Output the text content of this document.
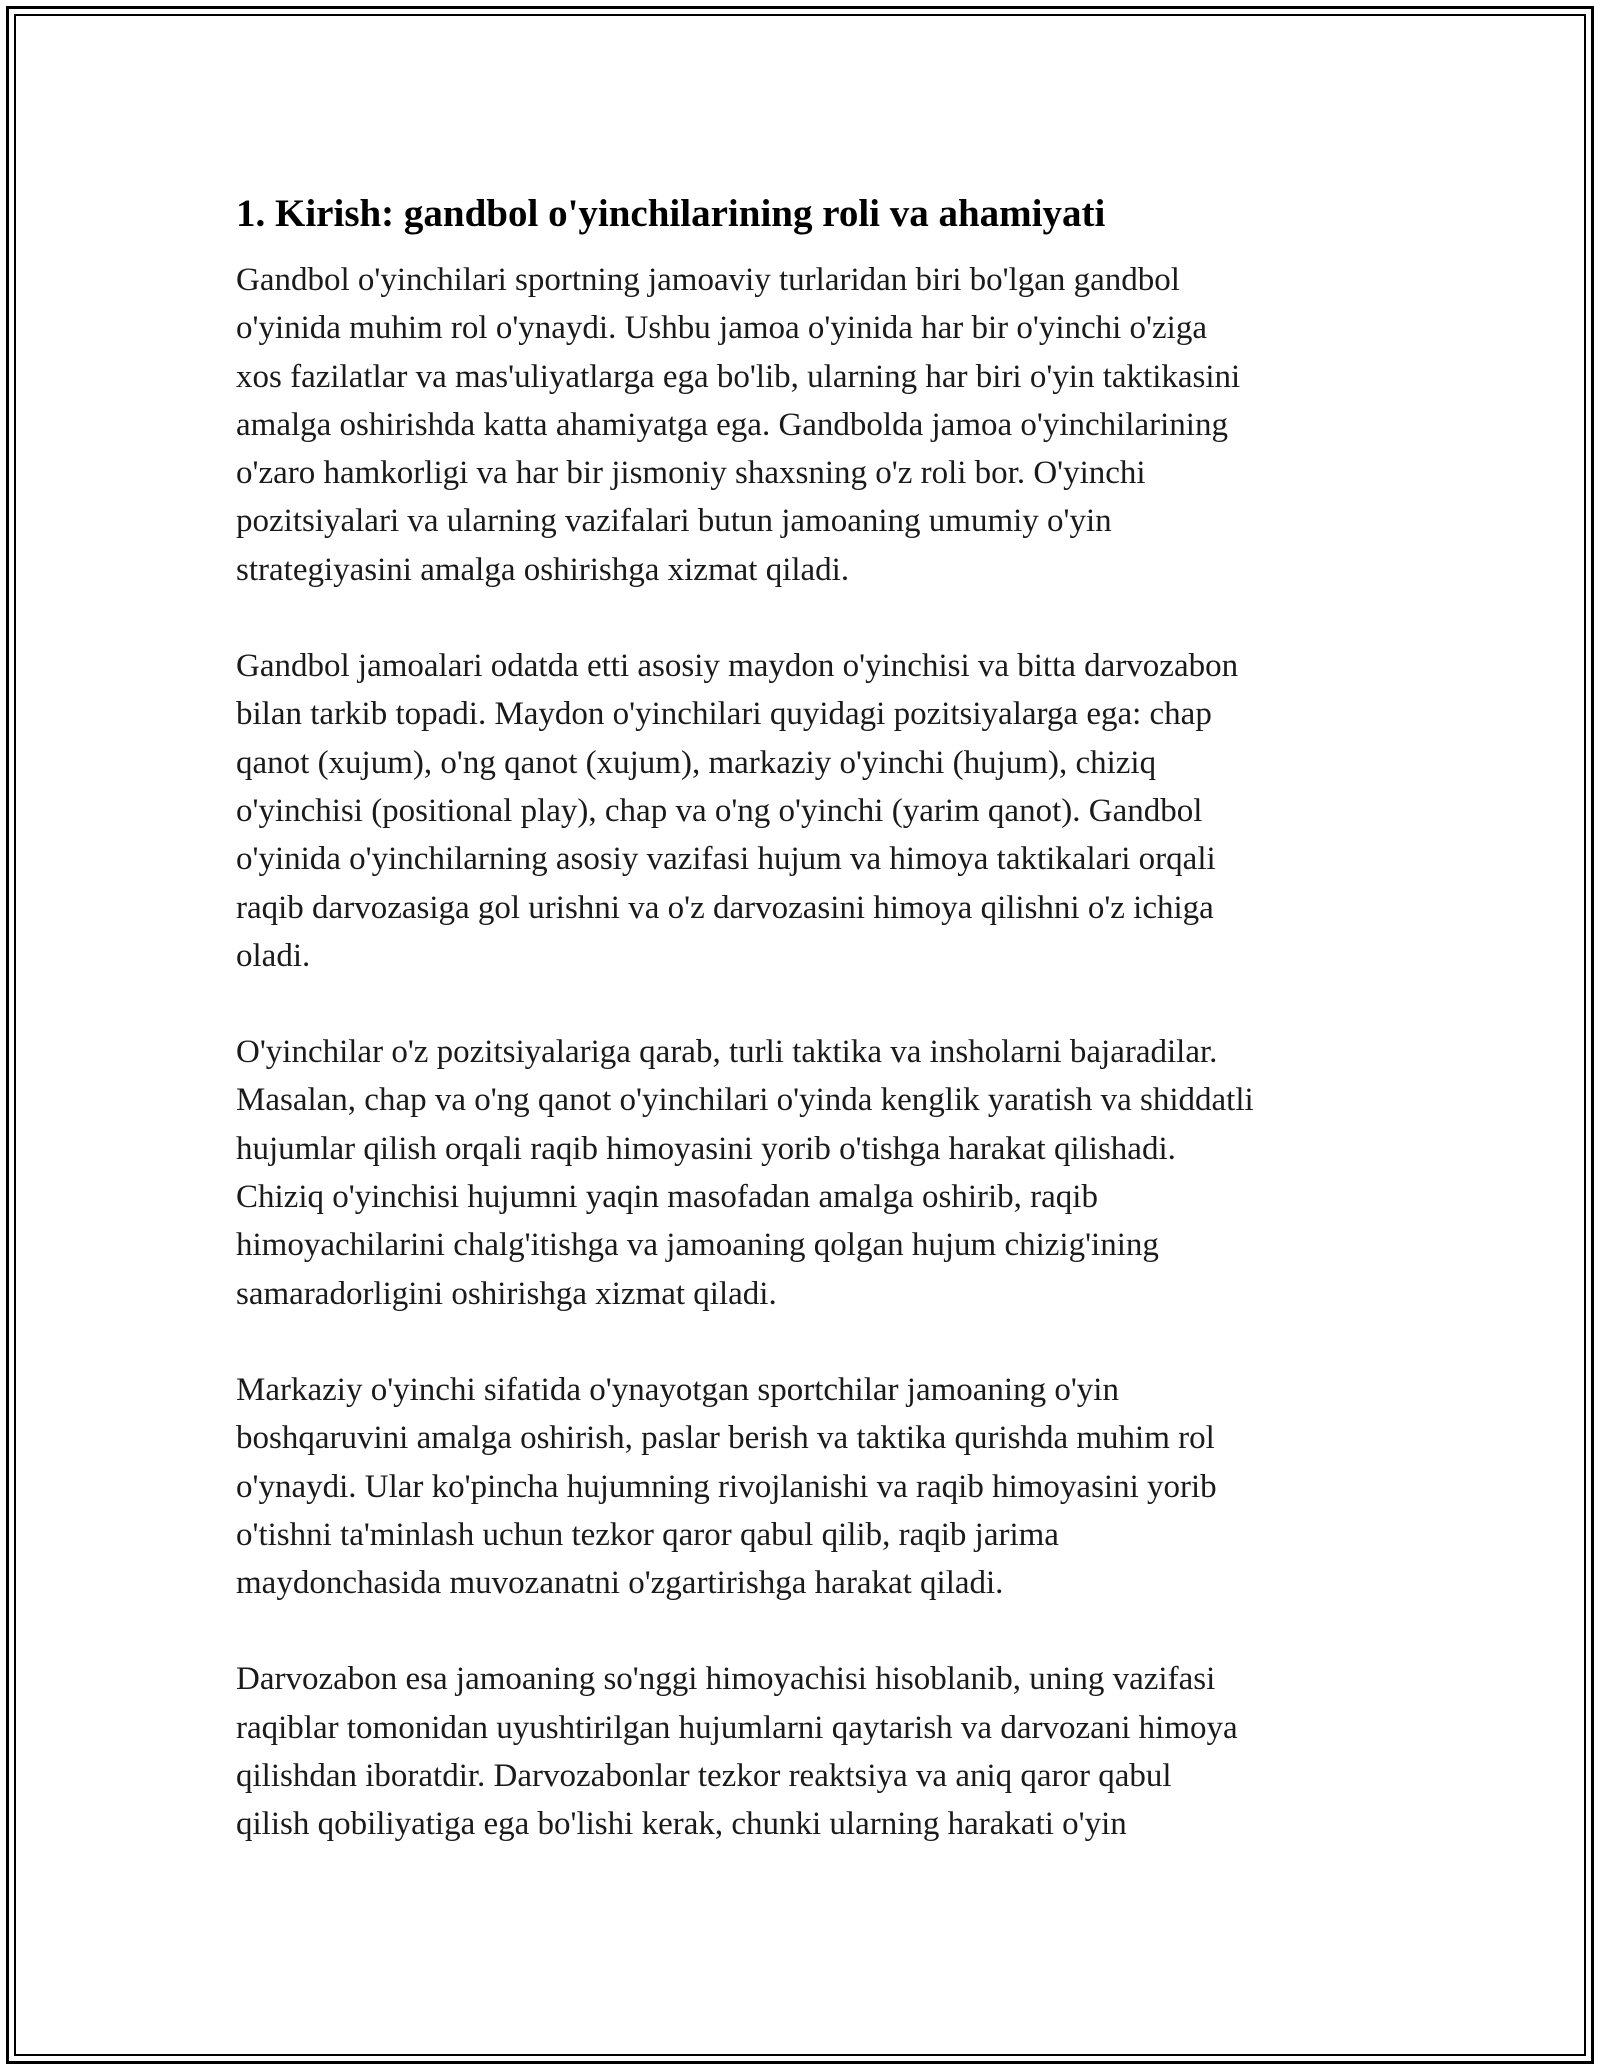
1. Kirish: gandbol o'yinchilarining roli va ahamiyati

Gandbol o'yinchilari sportning jamoaviy turlaridan biri bo'lgan gandbol
o'yinida muhim rol o'ynaydi. Ushbu jamoa o'yinida har bir o'yinchi o'ziga
xos fazilatlar va mas'uliyatlarga ega bo'lib, ularning har biri o'yin taktikasini
amalga oshirishda katta ahamiyatga ega. Gandbolda jamoa o'yinchilarining
o'zaro hamkorligi va har bir jismoniy shaxsning o'z roli bor. O'yinchi
pozitsiyalari va ularning vazifalari butun jamoaning umumiy o'yin
strategiyasini amalga oshirishga xizmat qiladi.

Gandbol jamoalari odatda etti asosiy maydon o'yinchisi va bitta darvozabon
bilan tarkib topadi. Maydon o'yinchilari quyidagi pozitsiyalarga ega: chap
qanot (xujum), o'ng qanot (xujum), markaziy o'yinchi (hujum), chiziq
o'yinchisi (positional play), chap va o'ng o'yinchi (yarim qanot). Gandbol
o'yinida o'yinchilarning asosiy vazifasi hujum va himoya taktikalari orqali
raqib darvozasiga gol urishni va o'z darvozasini himoya qilishni o'z ichiga
oladi.

O'yinchilar o'z pozitsiyalariga qarab, turli taktika va insholarni bajaradilar.
Masalan, chap va o'ng qanot o'yinchilari o'yinda kenglik yaratish va shiddatli
hujumlar qilish orqali raqib himoyasini yorib o'tishga harakat qilishadi.
Chiziq o'yinchisi hujumni yaqin masofadan amalga oshirib, raqib
himoyachilarini chalg'itishga va jamoaning qolgan hujum chizig'ining
samaradorligini oshirishga xizmat qiladi.

Markaziy o'yinchi sifatida o'ynayotgan sportchilar jamoaning o'yin
boshqaruvini amalga oshirish, paslar berish va taktika qurishda muhim rol
o'ynaydi. Ular ko'pincha hujumning rivojlanishi va raqib himoyasini yorib
o'tishni ta'minlash uchun tezkor qaror qabul qilib, raqib jarima
maydonchasida muvozanatni o'zgartirishga harakat qiladi.

Darvozabon esa jamoaning so'nggi himoyachisi hisoblanib, uning vazifasi
raqiblar tomonidan uyushtirilgan hujumlarni qaytarish va darvozani himoya
qilishdan iboratdir. Darvozabonlar tezkor reaktsiya va aniq qaror qabul
qilish qobiliyatiga ega bo'lishi kerak, chunki ularning harakati o'yin
